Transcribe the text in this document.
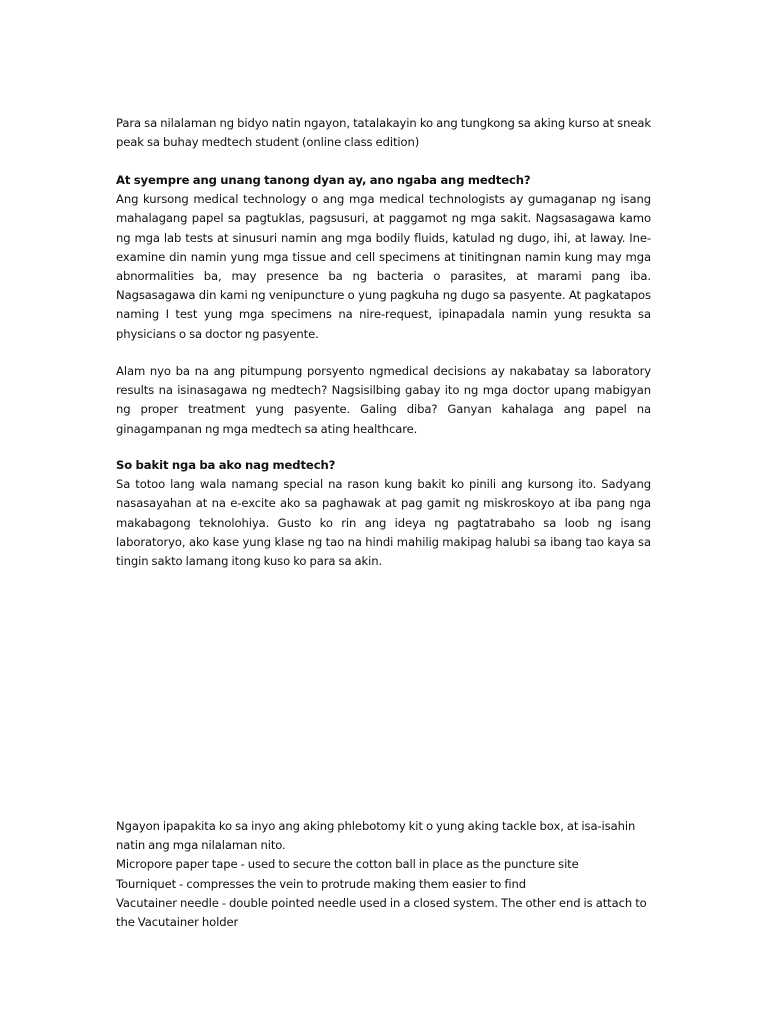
Para sa nilalaman ng bidyo natin ngayon, tatalakayin ko ang tungkong sa aking kurso at sneak peak sa buhay medtech student (online class edition)

At syempre ang unang tanong dyan ay, ano ngaba ang medtech?

Ang kursong medical technology o ang mga medical technologists ay gumaganap ng isang mahalagang papel sa pagtuklas, pagsusuri, at paggamot ng mga sakit. Nagsasagawa kamo ng mga lab tests at sinusuri namin ang mga bodily fluids, katulad ng dugo, ihi, at laway. Ine-examine din namin yung mga tissue and cell specimens at tinitingnan namin kung may mga abnormalities ba, may presence ba ng bacteria o parasites, at marami pang iba. Nagsasagawa din kami ng venipuncture o yung pagkuha ng dugo sa pasyente. At pagkatapos naming I test yung mga specimens na nire-request, ipinapadala namin yung resukta sa physicians o sa doctor ng pasyente.

Alam nyo ba na ang pitumpung porsyento ngmedical decisions ay nakabatay sa laboratory results na isinasagawa ng medtech? Nagsisilbing gabay ito ng mga doctor upang mabigyan ng proper treatment yung pasyente. Galing diba? Ganyan kahalaga ang papel na ginagampanan ng mga medtech sa ating healthcare.

So bakit nga ba ako nag medtech?

Sa totoo lang wala namang special na rason kung bakit ko pinili ang kursong ito. Sadyang nasasayahan at na e-excite ako sa paghawak at pag gamit ng miskroskoyo at iba pang nga makabagong teknolohiya. Gusto ko rin ang ideya ng pagtatrabaho sa loob ng isang laboratoryo, ako kase yung klase ng tao na hindi mahilig makipag halubi sa ibang tao kaya sa tingin sakto lamang itong kuso ko para sa akin.

Ngayon ipapakita ko sa inyo ang aking phlebotomy kit o yung aking tackle box, at isa-isahin natin ang mga nilalaman nito.

Micropore paper tape - used to secure the cotton ball in place as the puncture site

Tourniquet - compresses the vein to protrude making them easier to find

Vacutainer needle - double pointed needle used in a closed system. The other end is attach to the Vacutainer holder
